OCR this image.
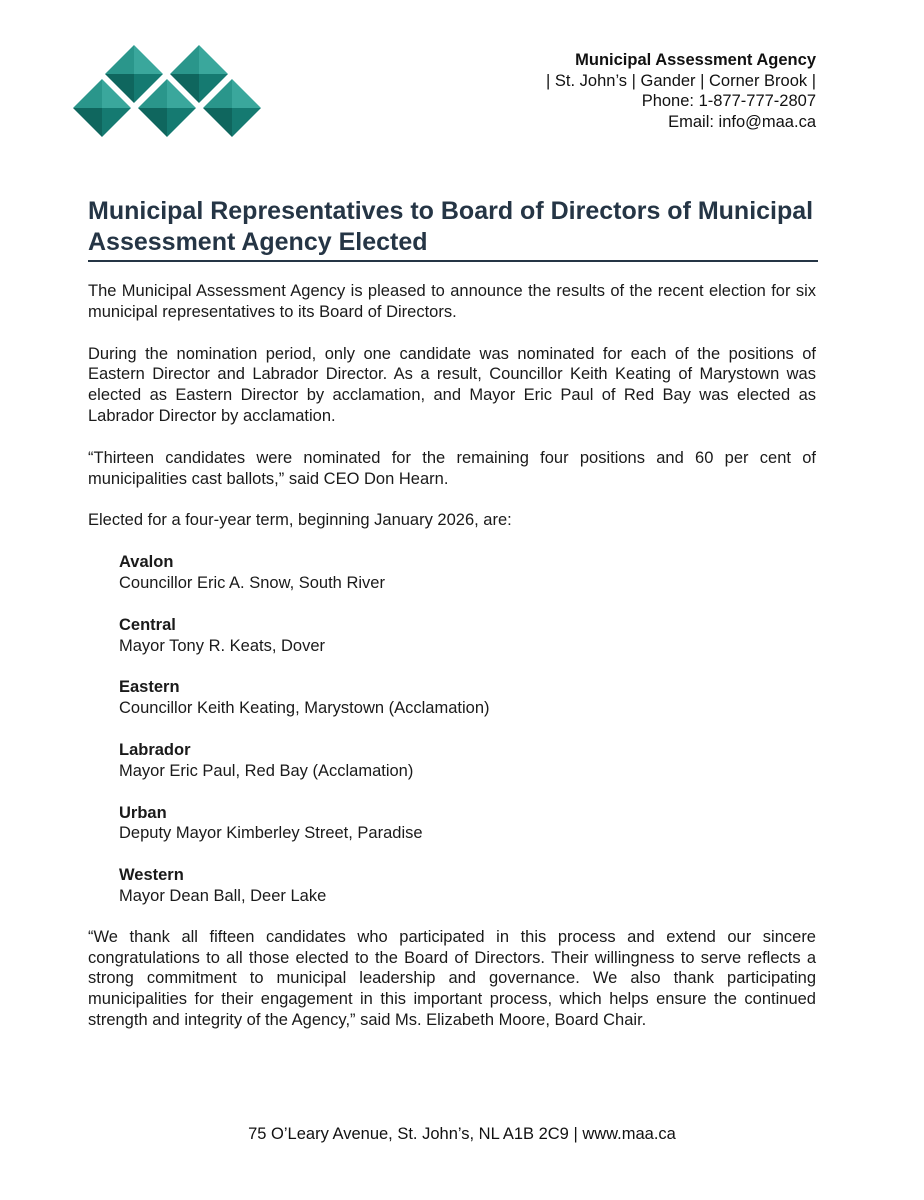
Municipal Assessment Agency
| St. John’s | Gander | Corner Brook |
Phone: 1-877-777-2807
Email: info@maa.ca
Municipal Representatives to Board of Directors of Municipal Assessment Agency Elected

The Municipal Assessment Agency is pleased to announce the results of the recent election for six municipal representatives to its Board of Directors.

During the nomination period, only one candidate was nominated for each of the positions of Eastern Director and Labrador Director. As a result, Councillor Keith Keating of Marystown was elected as Eastern Director by acclamation, and Mayor Eric Paul of Red Bay was elected as Labrador Director by acclamation.

“Thirteen candidates were nominated for the remaining four positions and 60 per cent of municipalities cast ballots,” said CEO Don Hearn.

Elected for a four-year term, beginning January 2026, are:

Avalon
Councillor Eric A. Snow, South River
Central
Mayor Tony R. Keats, Dover
Eastern
Councillor Keith Keating, Marystown (Acclamation)
Labrador
Mayor Eric Paul, Red Bay (Acclamation)
Urban
Deputy Mayor Kimberley Street, Paradise
Western
Mayor Dean Ball, Deer Lake

“We thank all fifteen candidates who participated in this process and extend our sincere congratulations to all those elected to the Board of Directors. Their willingness to serve reflects a strong commitment to municipal leadership and governance. We also thank participating municipalities for their engagement in this important process, which helps ensure the continued strength and integrity of the Agency,” said Ms. Elizabeth Moore, Board Chair.

75 O’Leary Avenue, St. John’s, NL A1B 2C9 | www.maa.ca
